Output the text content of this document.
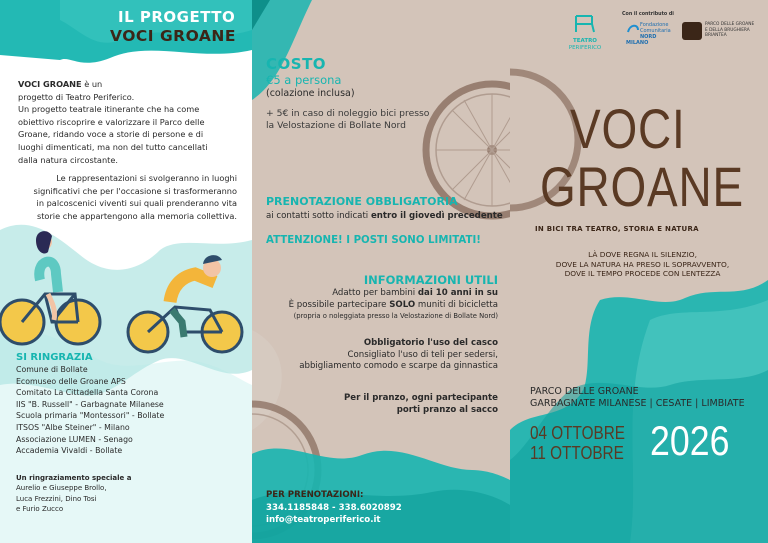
IL PROGETTO
VOCI GROANE

VOCI GROANE è un

progetto di Teatro Periferico.

Un progetto teatrale itinerante che ha come

obiettivo riscoprire e valorizzare il Parco delle

Groane, ridando voce a storie di persone e di

luoghi dimenticati, ma non del tutto cancellati

dalla natura circostante.

Le rappresentazioni si svolgeranno in luoghi

significativi che per l'occasione si trasformeranno

in palcoscenici viventi sui quali prenderanno vita

storie che appartengono alla memoria collettiva.

SI RINGRAZIA

Comune di Bollate

Ecomuseo delle Groane APS

Comitato La Cittadella Santa Corona

IIS "B. Russell" - Garbagnate Milanese

Scuola primaria "Montessori" - Bollate

ITSOS "Albe Steiner" - Milano

Associazione LUMEN - Senago

Accademia Vivaldi - Bollate

Un ringraziamento speciale a

Aurelio e Giuseppe Brollo,

Luca Frezzini, Dino Tosi

e Furio Zucco

COSTO
€5 a persona
(colazione inclusa)

+ 5€ in caso di noleggio bici presso

la Velostazione di Bollate Nord

PRENOTAZIONE OBBLIGATORIA
ai contatti sotto indicati entro il giovedì precedente
ATTENZIONE! I POSTI SONO LIMITATI!

INFORMAZIONI UTILI

Adatto per bambini dai 10 anni in su

È possibile partecipare SOLO muniti di bicicletta

(propria o noleggiata presso la Velostazione di Bollate Nord)

Obbligatorio l'uso del casco

Consigliato l'uso di teli per sedersi,

abbigliamento comodo e scarpe da ginnastica

Per il pranzo, ogni partecipante

porti pranzo al sacco

PER PRENOTAZIONI:

334.1185848 - 338.6020892

info@teatroperiferico.it

TEATRO
PERIFERICO
Con il contributo di
Fondazione
Comunitaria
NORD MILANO
PARCO DELLE GROANE
E DELLA BRUGHIERA
BRIANTEA
VOCI
GROANE
IN BICI TRA TEATRO, STORIA E NATURA

LÀ DOVE REGNA IL SILENZIO,

DOVE LA NATURA HA PRESO IL SOPRAVVENTO,

DOVE IL TEMPO PROCEDE CON LENTEZZA

PARCO DELLE GROANE

GARBAGNATE MILANESE | CESATE | LIMBIATE

04 OTTOBRE

11 OTTOBRE 2026
